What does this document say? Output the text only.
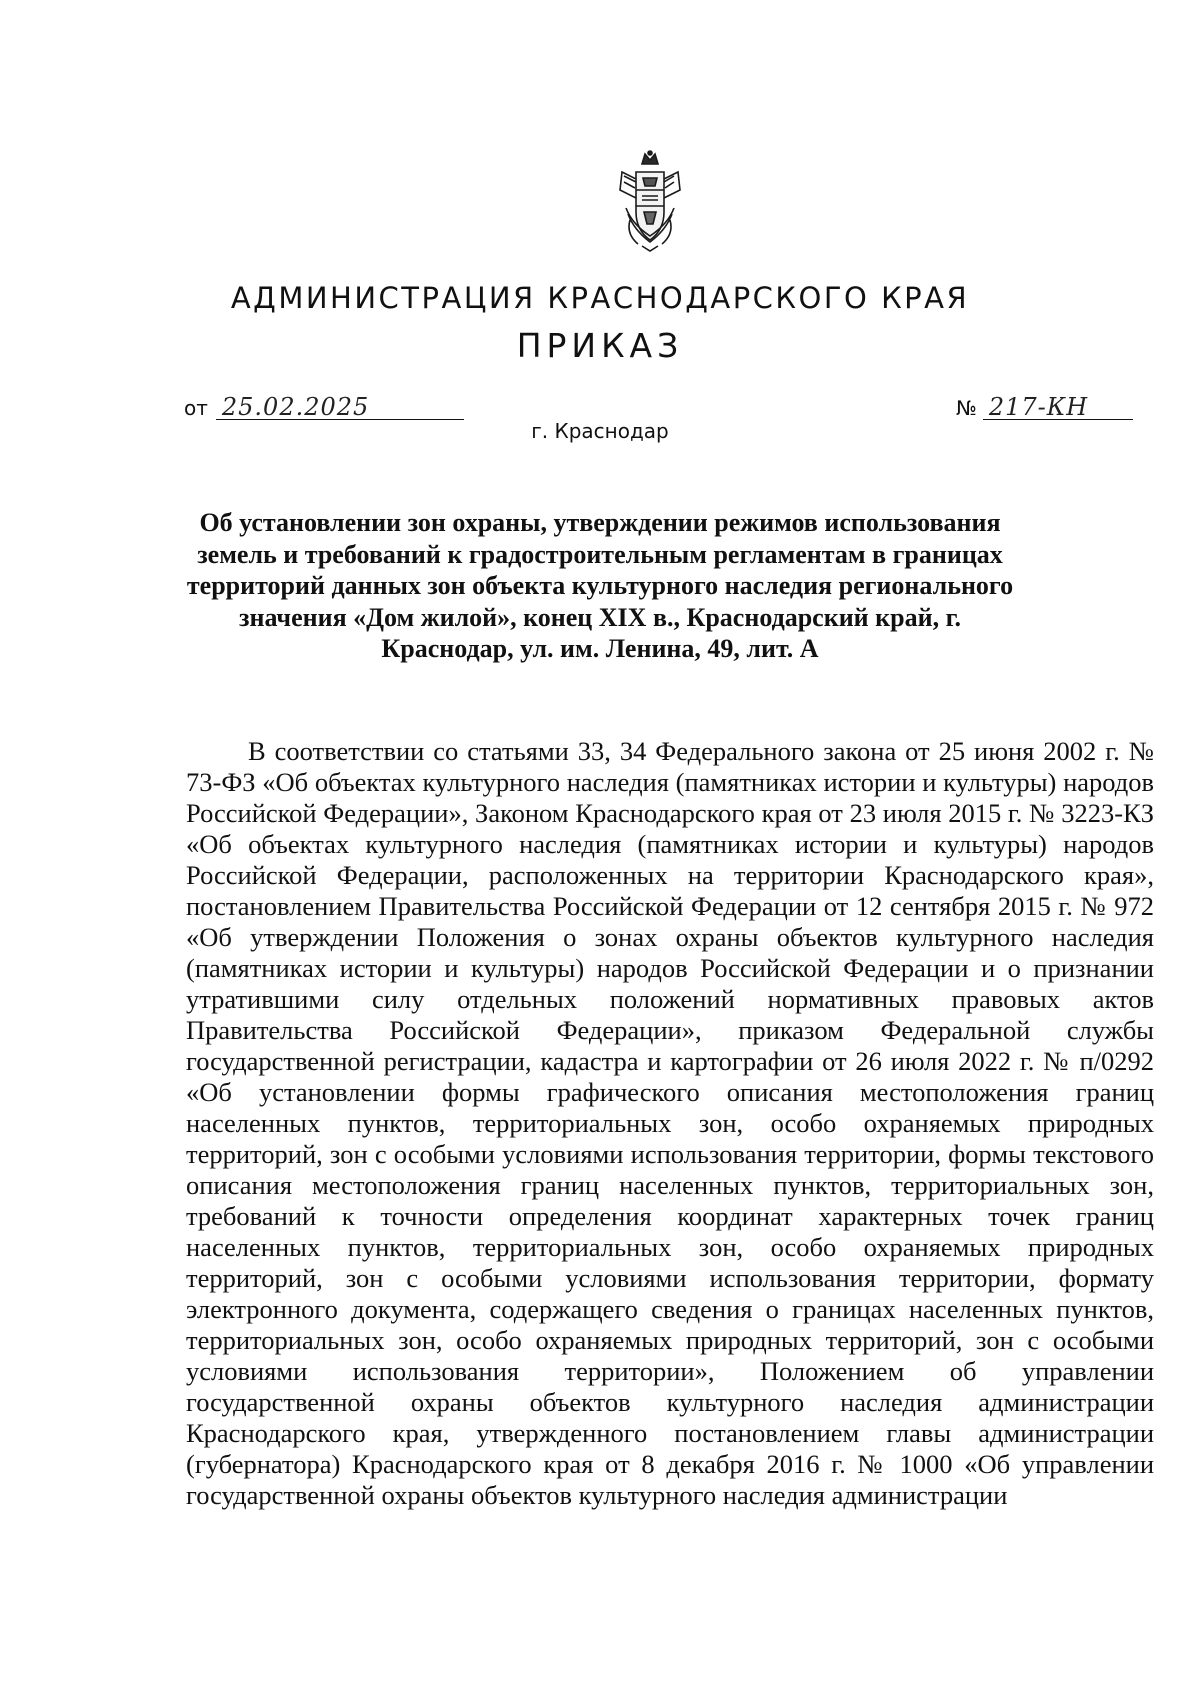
АДМИНИСТРАЦИЯ КРАСНОДАРСКОГО КРАЯ
ПРИКАЗ
от 25.02.2025	№ 217-КН
г. Краснодар
Об установлении зон охраны, утверждении режимов использования земель и требований к градостроительным регламентам в границах территорий данных зон объекта культурного наследия регионального значения «Дом жилой», конец XIX в., Краснодарский край, г. Краснодар, ул. им. Ленина, 49, лит. А

В соответствии со статьями 33, 34 Федерального закона от 25 июня 2002 г. № 73-ФЗ «Об объектах культурного наследия (памятниках истории и культуры) народов Российской Федерации», Законом Краснодарского края от 23 июля 2015 г. № 3223-КЗ «Об объектах культурного наследия (памятниках истории и культуры) народов Российской Федерации, расположенных на территории Краснодарского края», постановлением Правительства Российской Федерации от 12 сентября 2015 г. № 972 «Об утверждении Положения о зонах охраны объектов культурного наследия (памятниках истории и культуры) народов Российской Федерации и о признании утратившими силу отдельных положений нормативных правовых актов Правительства Российской Федерации», приказом Федеральной службы государственной регистрации, кадастра и картографии от 26 июля 2022 г. № п/0292 «Об установлении формы графического описания местоположения границ населенных пунктов, территориальных зон, особо охраняемых природных территорий, зон с особыми условиями использования территории, формы текстового описания местоположения границ населенных пунктов, территориальных зон, требований к точности определения координат характерных точек границ населенных пунктов, территориальных зон, особо охраняемых природных территорий, зон с особыми условиями использования территории, формату электронного документа, содержащего сведения о границах населенных пунктов, территориальных зон, особо охраняемых природных территорий, зон с особыми условиями использования территории», Положением об управлении государственной охраны объектов культурного наследия администрации Краснодарского края, утвержденного постановлением главы администрации (губернатора) Краснодарского края от 8 декабря 2016 г. № 1000 «Об управлении государственной охраны объектов культурного наследия администрации
